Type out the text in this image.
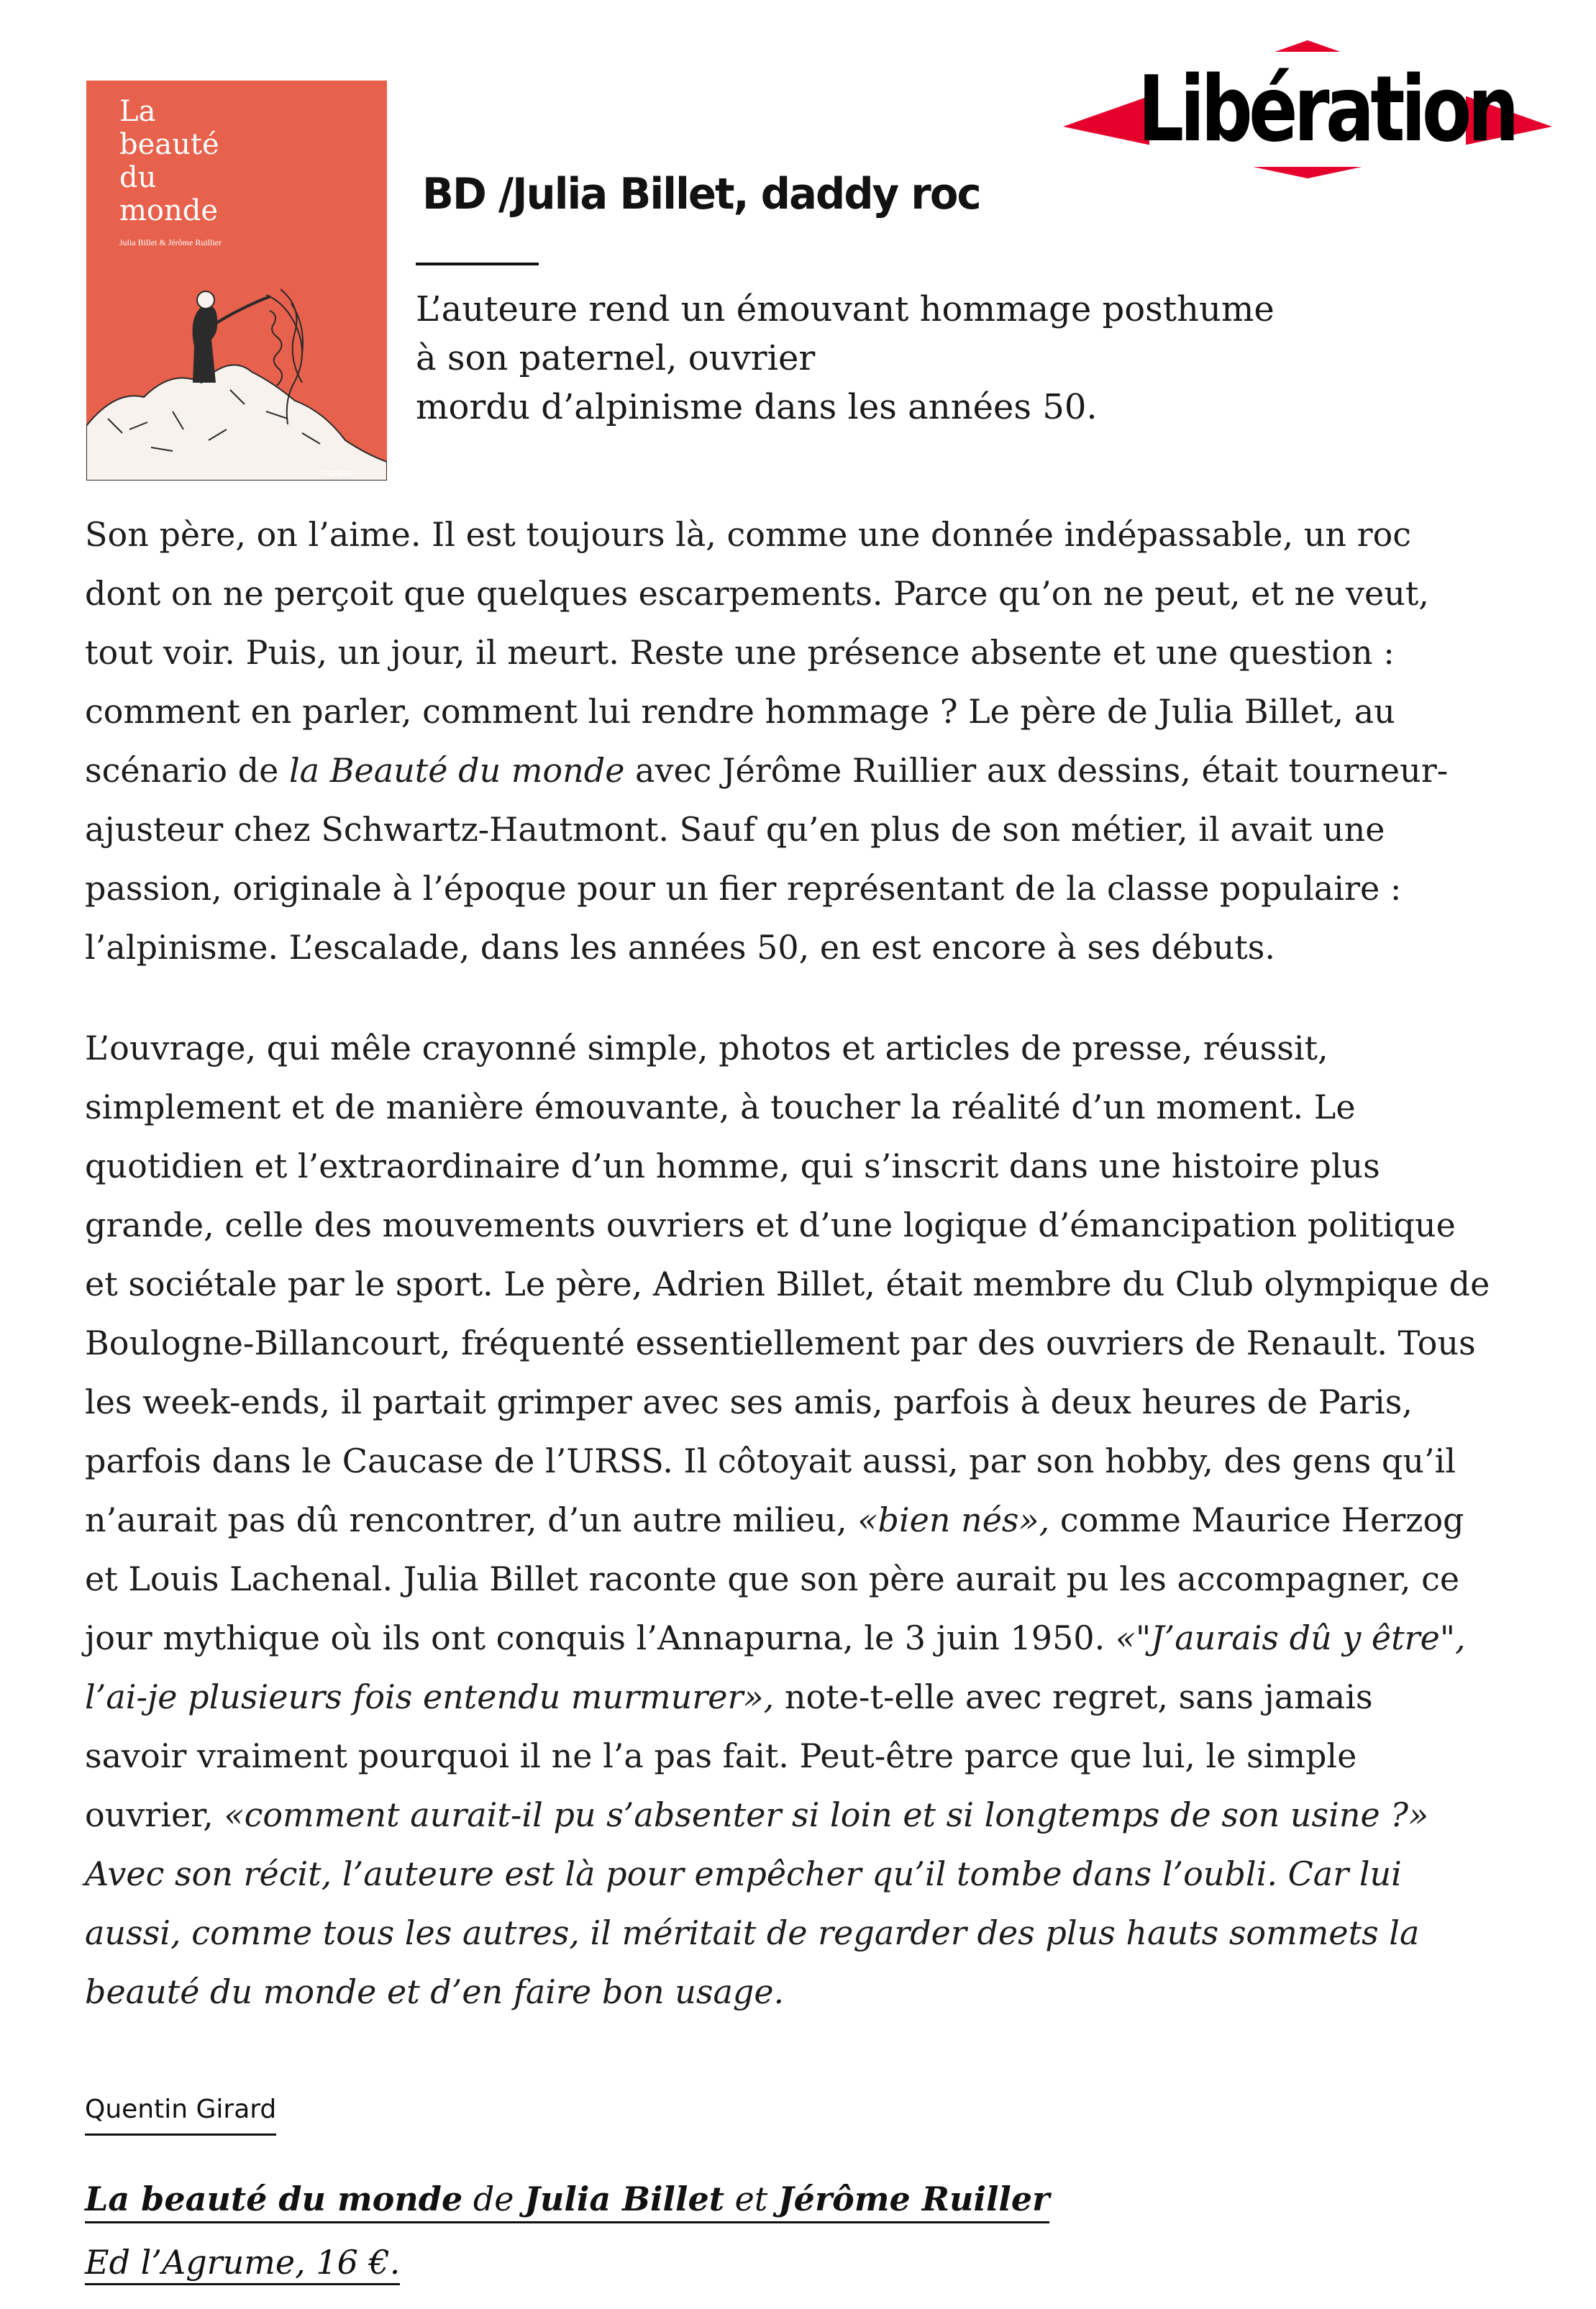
La
beauté
du
monde
Julia Billet & Jérôme Ruillier
l'Agrume
BD /Julia Billet, daddy roc
Libération
L’auteure rend un émouvant hommage posthume
à son paternel, ouvrier
mordu d’alpinisme dans les années 50.

Son père, on l’aime. Il est toujours là, comme une donnée indépassable, un roc
dont on ne perçoit que quelques escarpements. Parce qu’on ne peut, et ne veut,
tout voir. Puis, un jour, il meurt. Reste une présence absente et une question :
comment en parler, comment lui rendre hommage ? Le père de Julia Billet, au
scénario de la Beauté du monde avec Jérôme Ruillier aux dessins, était tourneur-
ajusteur chez Schwartz-Hautmont. Sauf qu’en plus de son métier, il avait une
passion, originale à l’époque pour un fier représentant de la classe populaire :
l’alpinisme. L’escalade, dans les années 50, en est encore à ses débuts.

L’ouvrage, qui mêle crayonné simple, photos et articles de presse, réussit,
simplement et de manière émouvante, à toucher la réalité d’un moment. Le
quotidien et l’extraordinaire d’un homme, qui s’inscrit dans une histoire plus
grande, celle des mouvements ouvriers et d’une logique d’émancipation politique
et sociétale par le sport. Le père, Adrien Billet, était membre du Club olympique de
Boulogne-Billancourt, fréquenté essentiellement par des ouvriers de Renault. Tous
les week-ends, il partait grimper avec ses amis, parfois à deux heures de Paris,
parfois dans le Caucase de l’URSS. Il côtoyait aussi, par son hobby, des gens qu’il
n’aurait pas dû rencontrer, d’un autre milieu, «bien nés», comme Maurice Herzog
et Louis Lachenal. Julia Billet raconte que son père aurait pu les accompagner, ce
jour mythique où ils ont conquis l’Annapurna, le 3 juin 1950. «"J’aurais dû y être",
l’ai-je plusieurs fois entendu murmurer», note-t-elle avec regret, sans jamais
savoir vraiment pourquoi il ne l’a pas fait. Peut-être parce que lui, le simple
ouvrier, «comment aurait-il pu s’absenter si loin et si longtemps de son usine ?»
Avec son récit, l’auteure est là pour empêcher qu’il tombe dans l’oubli. Car lui
aussi, comme tous les autres, il méritait de regarder des plus hauts sommets la
beauté du monde et d’en faire bon usage.

Quentin Girard
La beauté du monde de Julia Billet et Jérôme Ruiller
Ed l’Agrume, 16 €.
